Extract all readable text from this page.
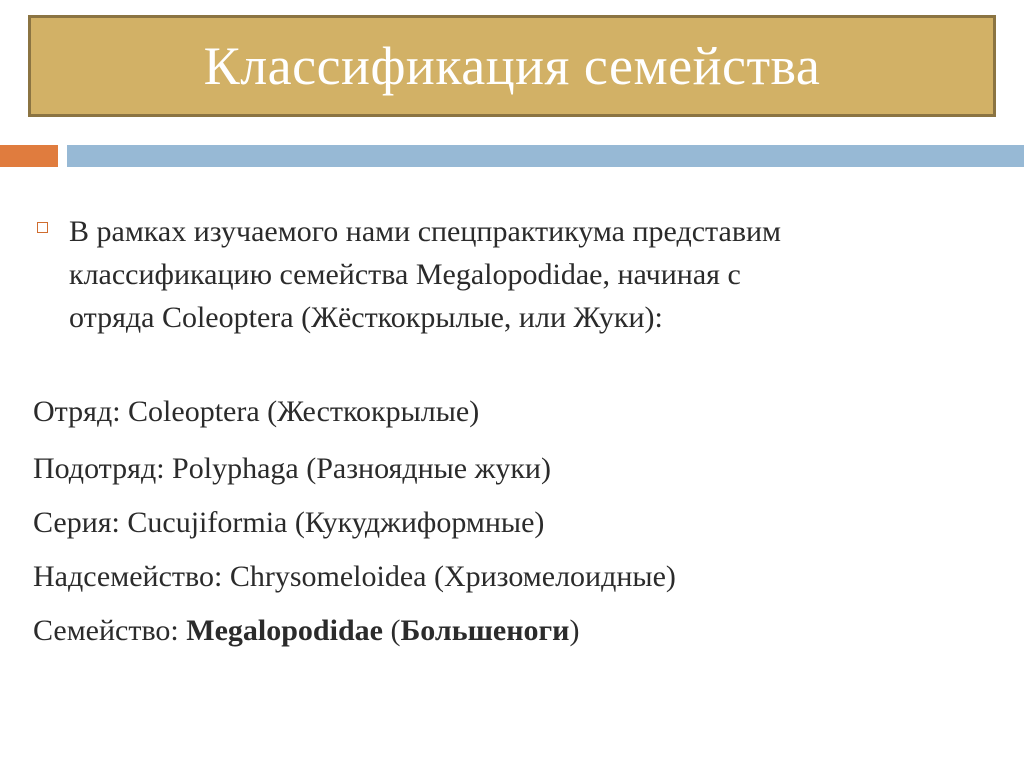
Классификация семейства
В рамках изучаемого нами спецпрактикума представим
классификацию семейства Megalopodidae, начиная с
отряда Coleoptera (Жёсткокрылые, или Жуки):
Отряд: Coleoptera (Жесткокрылые)
Подотряд: Polyphaga (Разноядные жуки)
Серия: Cucujiformia (Кукуджиформные)
Надсемейство: Chrysomeloidea (Хризомелоидные)
Семейство: Megalopodidae (Большеноги)
